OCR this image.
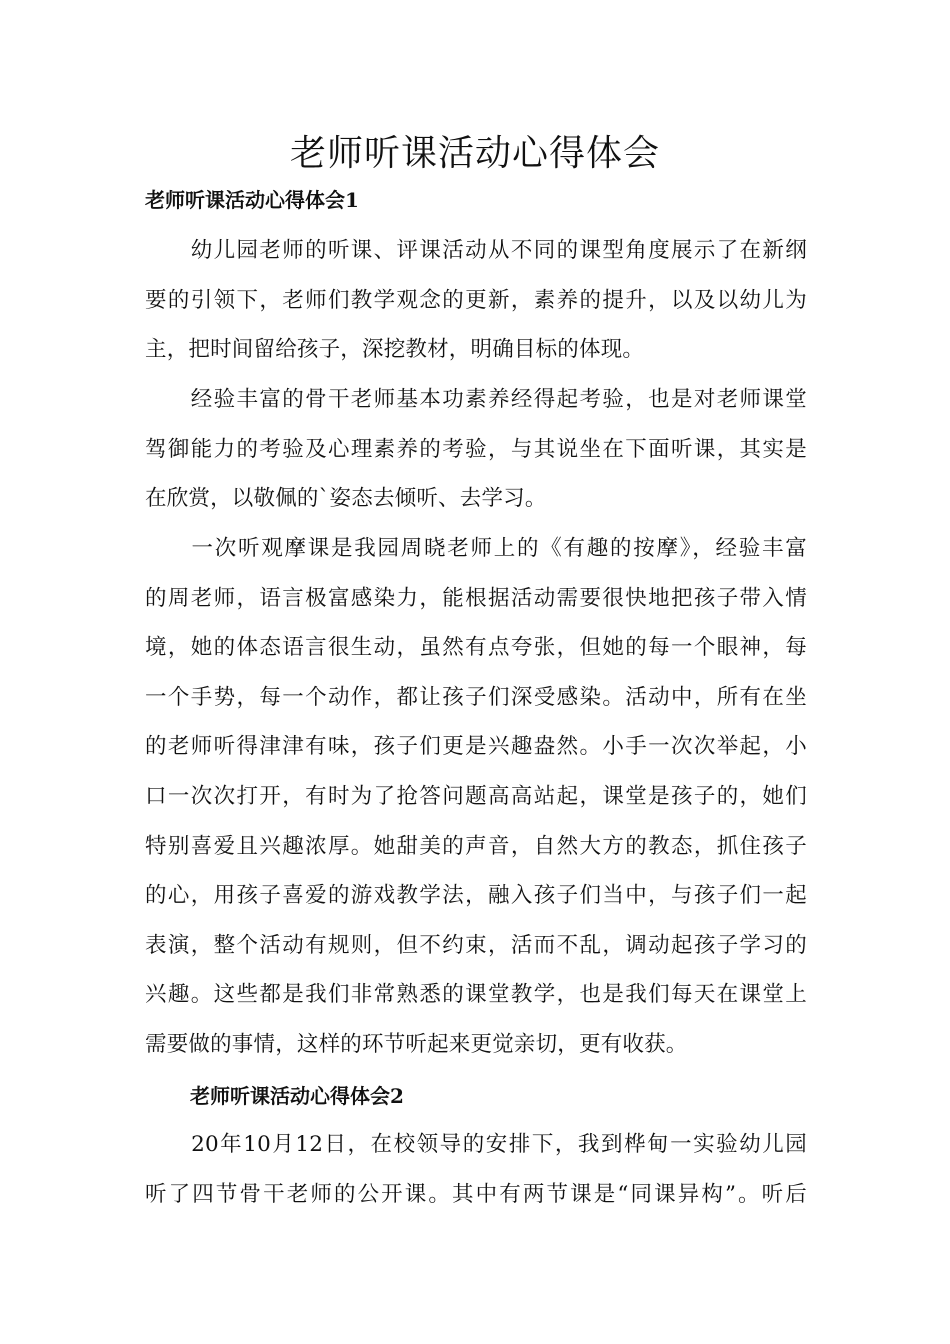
老师听课活动心得体会
老师听课活动心得体会1
　　幼儿园老师的听课、评课活动从不同的课型角度展示了在新纲
要的引领下，老师们教学观念的更新，素养的提升，以及以幼儿为
主，把时间留给孩子，深挖教材，明确目标的体现。
　　经验丰富的骨干老师基本功素养经得起考验，也是对老师课堂
驾御能力的考验及心理素养的考验，与其说坐在下面听课，其实是
在欣赏，以敬佩的`姿态去倾听、去学习。
　　一次听观摩课是我园周晓老师上的《有趣的按摩》，经验丰富
的周老师，语言极富感染力，能根据活动需要很快地把孩子带入情
境，她的体态语言很生动，虽然有点夸张，但她的每一个眼神，每
一个手势，每一个动作，都让孩子们深受感染。活动中，所有在坐
的老师听得津津有味，孩子们更是兴趣盎然。小手一次次举起，小
口一次次打开，有时为了抢答问题高高站起，课堂是孩子的，她们
特别喜爱且兴趣浓厚。她甜美的声音，自然大方的教态，抓住孩子
的心，用孩子喜爱的游戏教学法，融入孩子们当中，与孩子们一起
表演，整个活动有规则，但不约束，活而不乱，调动起孩子学习的
兴趣。这些都是我们非常熟悉的课堂教学，也是我们每天在课堂上
需要做的事情，这样的环节听起来更觉亲切，更有收获。
老师听课活动心得体会2
　　20年10月12日，在校领导的安排下，我到桦甸一实验幼儿园
听了四节骨干老师的公开课。其中有两节课是“同课异构”。听后
